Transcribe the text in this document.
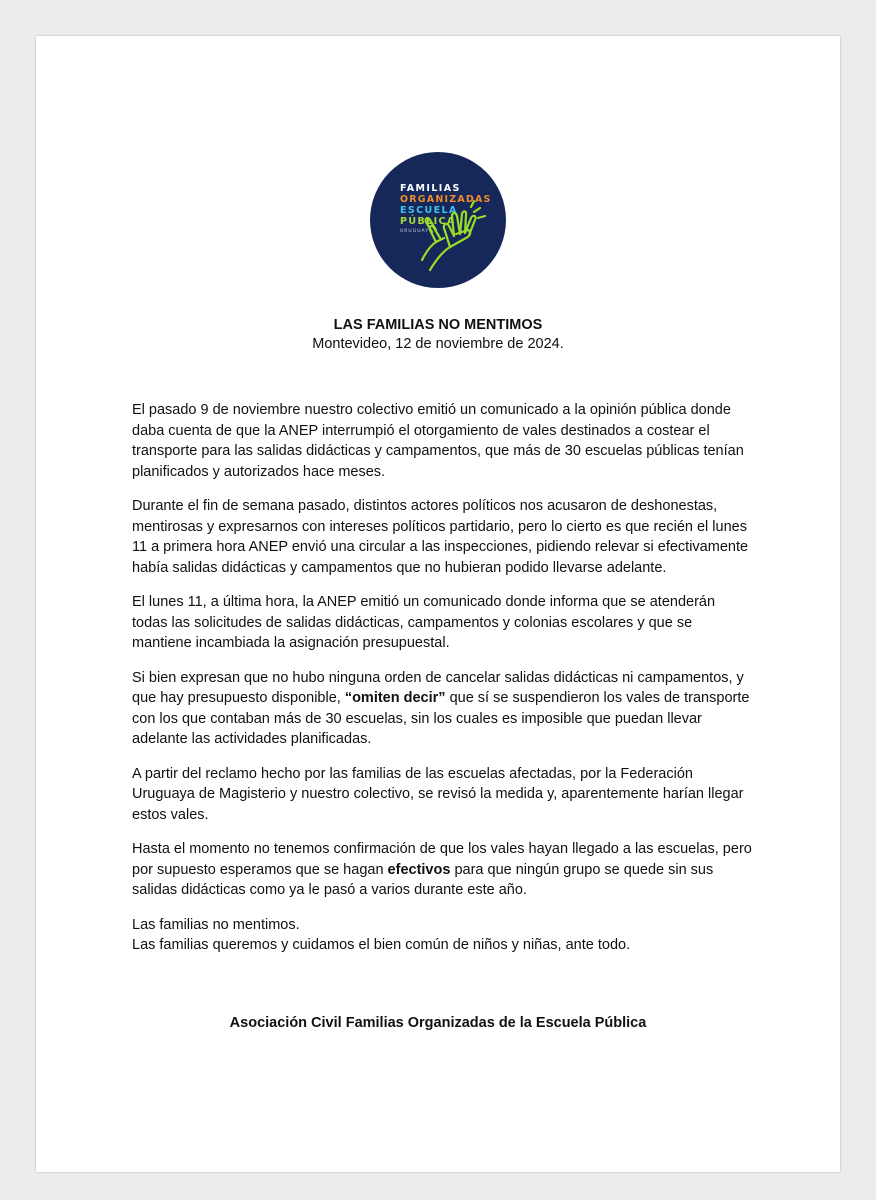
FAMILIAS
ORGANIZADAS
ESCUELA
PÚBLICA
URUGUAY
LAS FAMILIAS NO MENTIMOS
Montevideo, 12 de noviembre de 2024.

El pasado 9 de noviembre nuestro colectivo emitió un comunicado a la opinión pública donde daba cuenta de que la ANEP interrumpió el otorgamiento de vales destinados a costear el transporte para las salidas didácticas y campamentos, que más de 30 escuelas públicas tenían planificados y autorizados hace meses.

Durante el fin de semana pasado, distintos actores políticos nos acusaron de deshonestas, mentirosas y expresarnos con intereses políticos partidario, pero lo cierto es que recién el lunes 11 a primera hora ANEP envió una circular a las inspecciones, pidiendo relevar si efectivamente había salidas didácticas y campamentos que no hubieran podido llevarse adelante.

El lunes 11, a última hora, la ANEP emitió un comunicado donde informa que se atenderán todas las solicitudes de salidas didácticas, campamentos y colonias escolares y que se mantiene incambiada la asignación presupuestal.

Si bien expresan que no hubo ninguna orden de cancelar salidas didácticas ni campamentos, y que hay presupuesto disponible, “omiten decir” que sí se suspendieron los vales de transporte con los que contaban más de 30 escuelas, sin los cuales es imposible que puedan llevar adelante las actividades planificadas.

A partir del reclamo hecho por las familias de las escuelas afectadas, por la Federación Uruguaya de Magisterio y nuestro colectivo, se revisó la medida y, aparentemente harían llegar estos vales.

Hasta el momento no tenemos confirmación de que los vales hayan llegado a las escuelas, pero por supuesto esperamos que se hagan efectivos para que ningún grupo se quede sin sus salidas didácticas como ya le pasó a varios durante este año.

Las familias no mentimos.

Las familias queremos y cuidamos el bien común de niños y niñas, ante todo.

Asociación Civil Familias Organizadas de la Escuela Pública
